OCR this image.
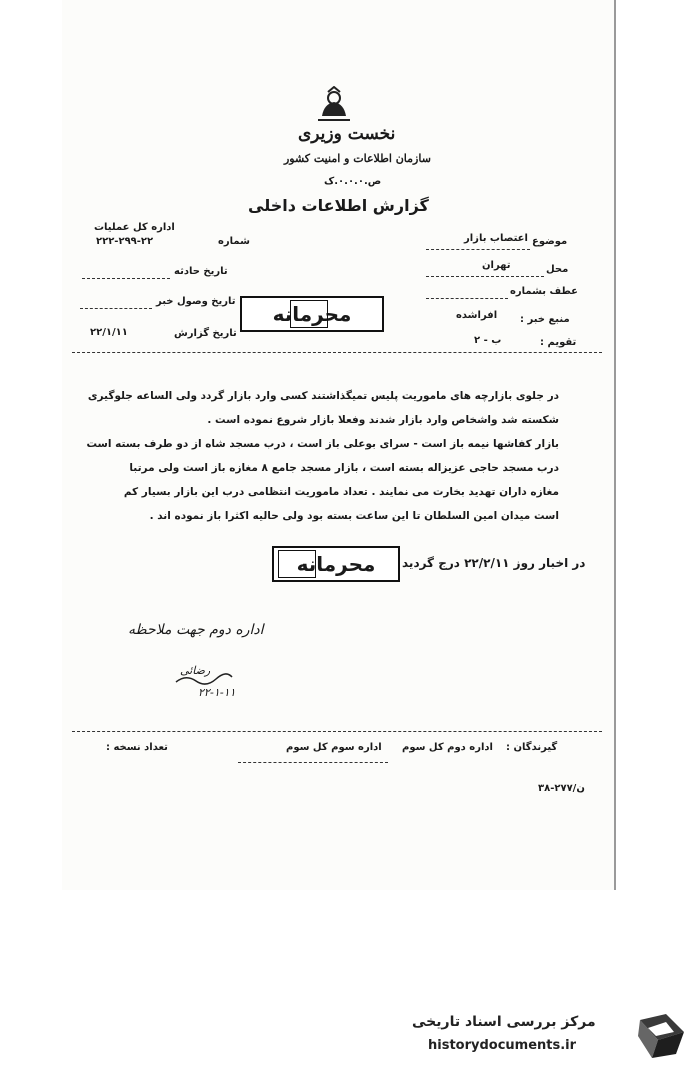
نخست وزیری
سازمان اطلاعات و امنیت کشور
ص.۰.۰.۰.ک
گزارش اطلاعات داخلی
موضوع
اعتصاب بازار
محل
تهران
عطف بشماره
منبع خبر :
افراشده
تقویم :
ب - ۲
اداره کل عملیات
شماره
۲۲۲-۲۹۹-۲۲
تاریخ حادثه
تاریخ وصول خبر
تاریخ گزارش
۲۲/۱/۱۱
محرمانه
در جلوی بازارچه های ماموریت پلیس تمیگذاشتند کسی وارد بازار گردد ولی الساعه جلوگیری
شکسته شد واشخاص وارد بازار شدند وفعلا بازار شروع نموده است .
بازار کفاشها نیمه باز است - سرای بوعلی باز است ، درب مسجد شاه از دو طرف بسته است
درب مسجد حاجی عزیزاله بسته است ، بازار مسجد جامع ۸ مغازه باز است ولی مرتبا
مغازه داران تهدید بخارت می نمایند . تعداد ماموریت انتظامی درب این بازار بسیار کم
است میدان امین السلطان تا این ساعت بسته بود ولی حالیه اکثرا باز نموده اند .
در اخبار روز ۲۲/۲/۱۱ درج گردید
محرمانه
اداره دوم جهت ملاحظه
رضائی
۲۲-۱-۱۱
گیرندگان :
اداره دوم کل سوم
اداره سوم کل سوم
تعداد نسخه :
۳۸-۲۷۷/ن
مرکز بررسی اسناد تاریخی
historydocuments.ir
